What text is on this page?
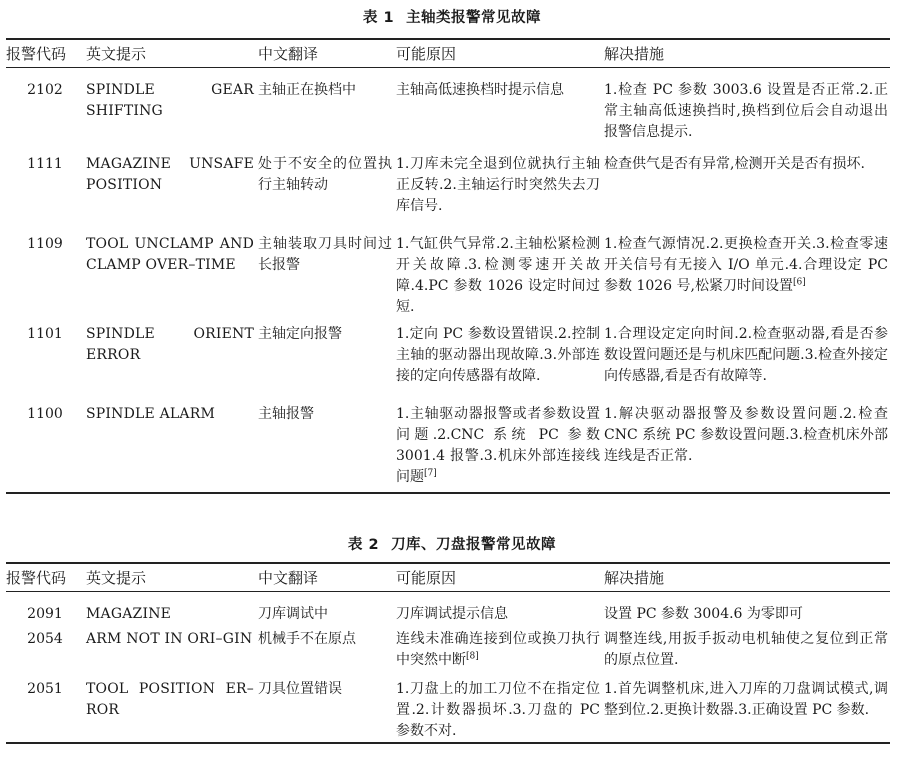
表 1 主轴类报警常见故障
报警代码	英文提示	中文翻译	可能原因	解决措施
2102	SPINDLE GEAR SHIFTING	主轴正在换档中	主轴高低速换档时提示信息	1.检查 PC 参数 3003.6 设置是否正常.2.正常主轴高低速换挡时,换档到位后会自动退出报警信息提示.
1111	MAGAZINE UNSAFE POSITION	处于不安全的位置执行主轴转动	1.刀库未完全退到位就执行主轴正反转.2.主轴运行时突然失去刀库信号.	检查供气是否有异常,检测开关是否有损坏.
1109	TOOL UNCLAMP AND CLAMP OVER–TIME	主轴装取刀具时间过长报警	1.气缸供气异常.2.主轴松紧检测开关故障.3.检测零速开关故障.4.PC 参数 1026 设定时间过短.	1.检查气源情况.2.更换检查开关.3.检查零速开关信号有无接入 I/O 单元.4.合理设定 PC 参数 1026 号,松紧刀时间设置[6]
1101	SPINDLE ORIENT ERROR	主轴定向报警	1.定向 PC 参数设置错误.2.控制主轴的驱动器出现故障.3.外部连接的定向传感器有故障.	1.合理设定定向时间.2.检查驱动器,看是否参数设置问题还是与机床匹配问题.3.检查外接定向传感器,看是否有故障等.
1100	SPINDLE ALARM	主轴报警	1.主轴驱动器报警或者参数设置问题.2.CNC 系统 PC 参数 3001.4 报警.3.机床外部连接线问题[7]	1.解决驱动器报警及参数设置问题.2.检查 CNC 系统 PC 参数设置问题.3.检查机床外部连线是否正常.
表 2 刀库、刀盘报警常见故障
报警代码	英文提示	中文翻译	可能原因	解决措施
2091	MAGAZINE	刀库调试中	刀库调试提示信息	设置 PC 参数 3004.6 为零即可
2054	ARM NOT IN ORI–GIN	机械手不在原点	连线未准确连接到位或换刀执行中突然中断[8]	调整连线,用扳手扳动电机轴使之复位到正常的原点位置.
2051	TOOL POSITION ER–ROR	刀具位置错误	1.刀盘上的加工刀位不在指定位置.2.计数器损坏.3.刀盘的 PC 参数不对.	1.首先调整机床,进入刀库的刀盘调试模式,调整到位.2.更换计数器.3.正确设置 PC 参数.
